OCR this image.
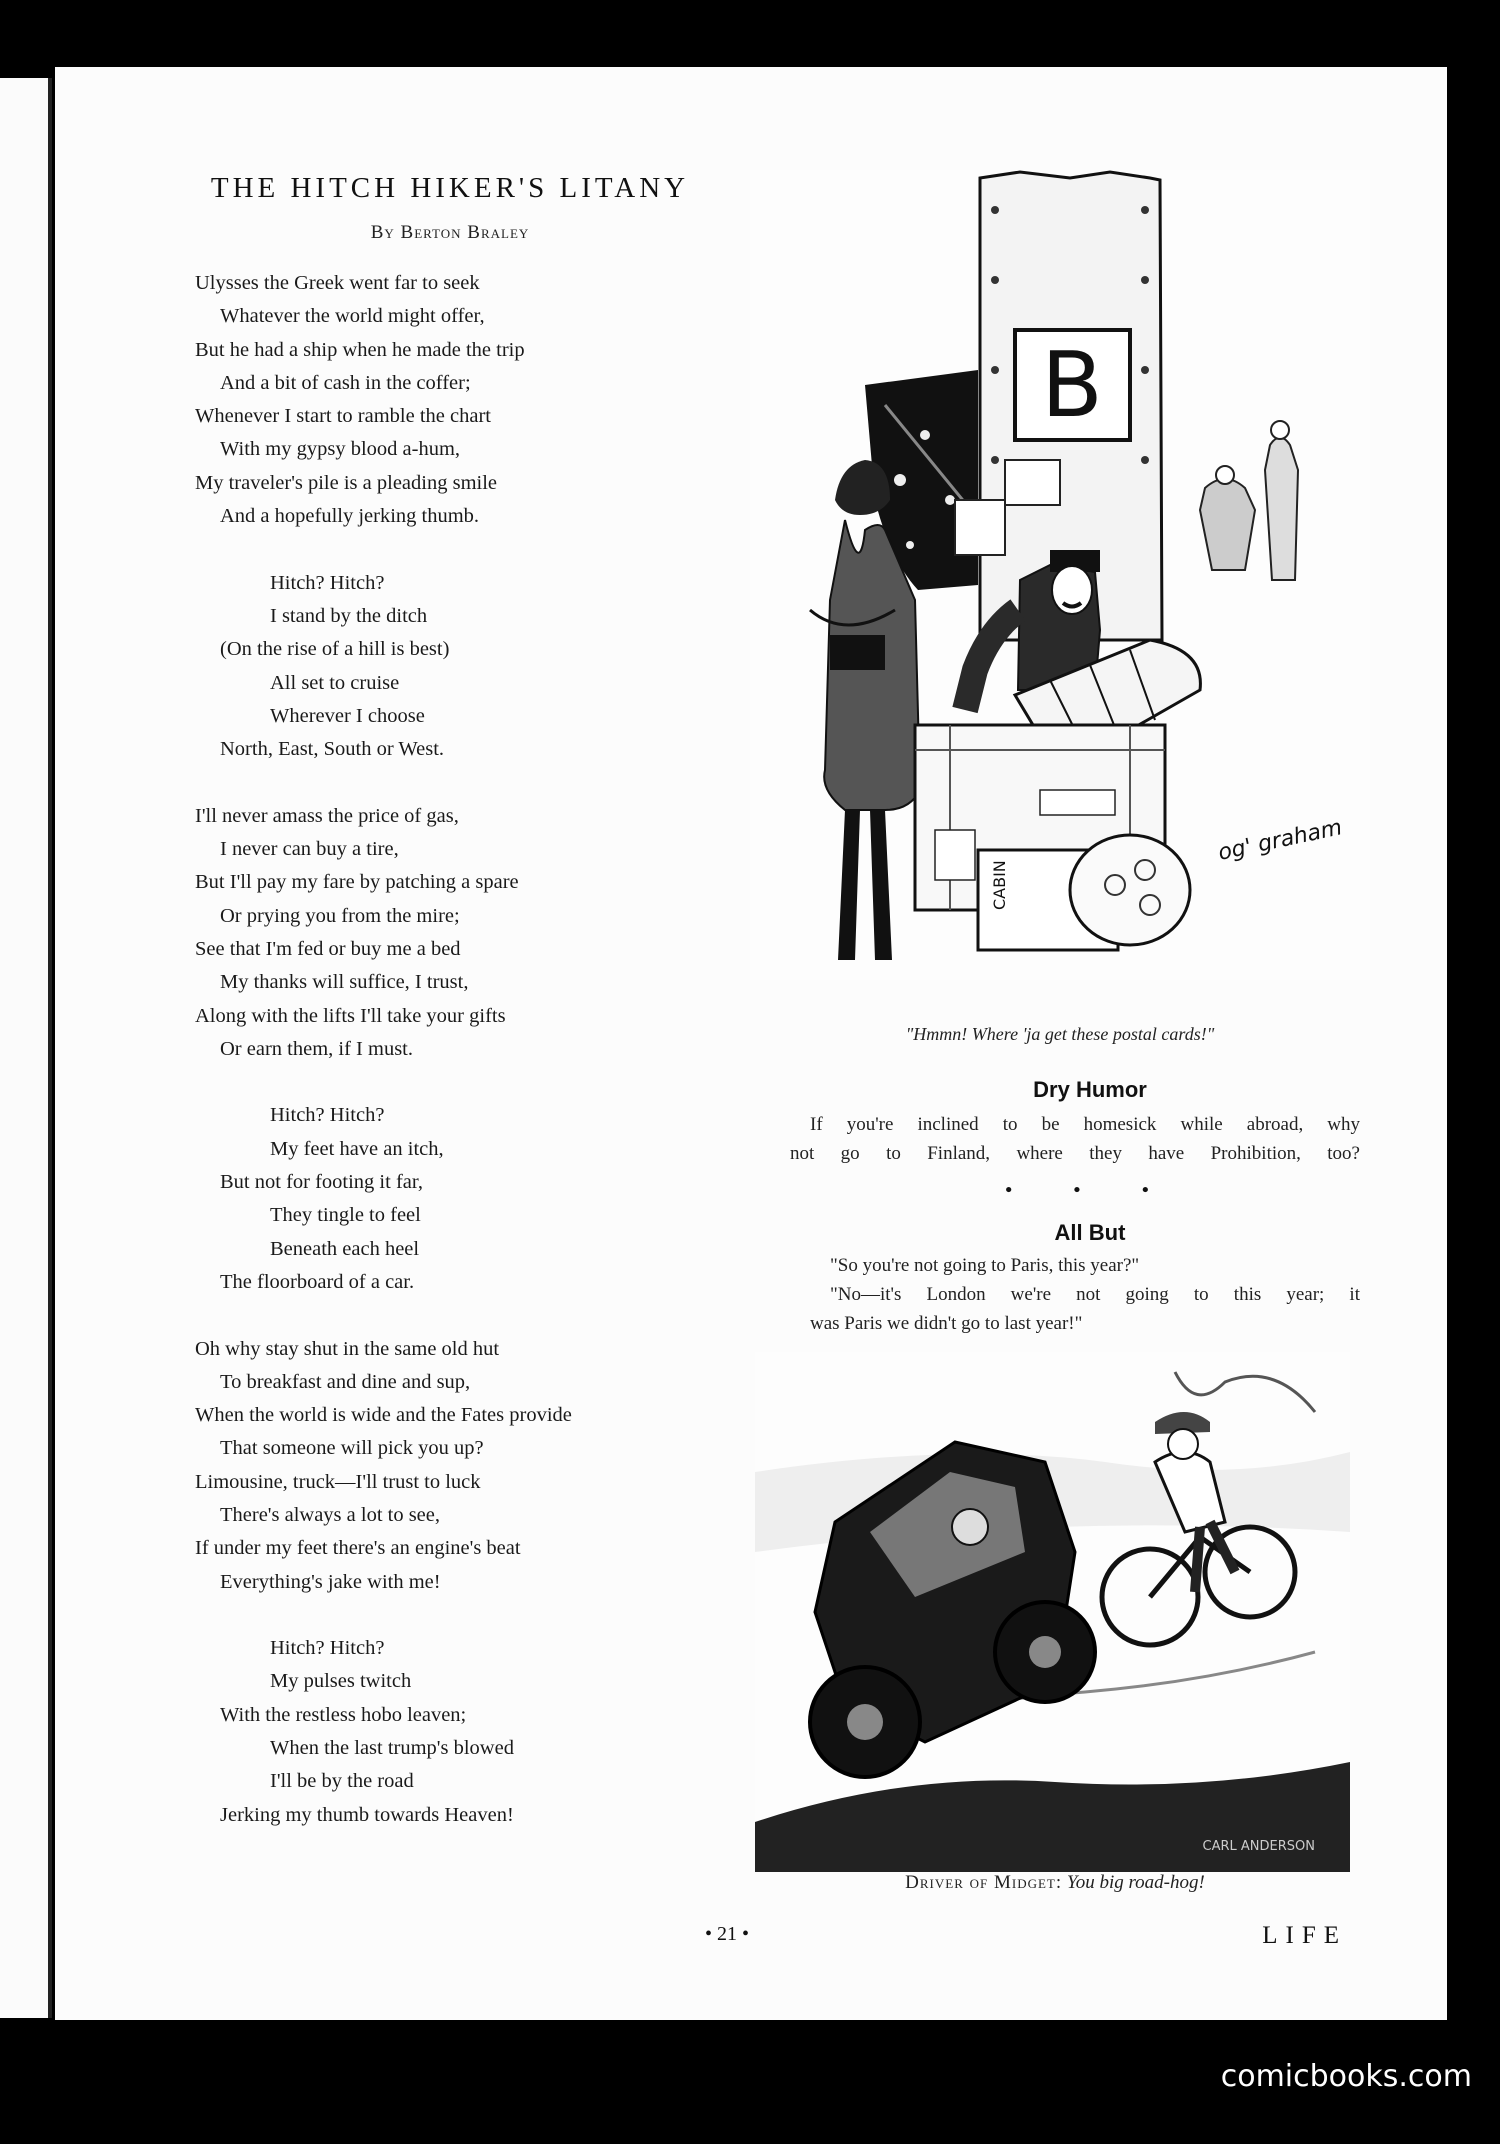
THE HITCH HIKER'S LITANY

By Berton Braley

Ulysses the Greek went far to seek
Whatever the world might offer,
But he had a ship when he made the trip
And a bit of cash in the coffer;
Whenever I start to ramble the chart
With my gypsy blood a-hum,
My traveler's pile is a pleading smile
And a hopefully jerking thumb.
Hitch? Hitch?
I stand by the ditch
(On the rise of a hill is best)
All set to cruise
Wherever I choose
North, East, South or West.
I'll never amass the price of gas,
I never can buy a tire,
But I'll pay my fare by patching a spare
Or prying you from the mire;
See that I'm fed or buy me a bed
My thanks will suffice, I trust,
Along with the lifts I'll take your gifts
Or earn them, if I must.
Hitch? Hitch?
My feet have an itch,
But not for footing it far,
They tingle to feel
Beneath each heel
The floorboard of a car.
Oh why stay shut in the same old hut
To breakfast and dine and sup,
When the world is wide and the Fates provide
That someone will pick you up?
Limousine, truck—I'll trust to luck
There's always a lot to see,
If under my feet there's an engine's beat
Everything's jake with me!
Hitch? Hitch?
My pulses twitch
With the restless hobo leaven;
When the last trump's blowed
I'll be by the road
Jerking my thumb towards Heaven!
B
CABIN
og' graham

"Hmmn! Where 'ja get these postal cards!"

Dry Humor

If you're inclined to be homesick while abroad, why

not go to Finland, where they have Prohibition, too?

• • •

All But

"So you're not going to Paris, this year?"

"No—it's London we're not going to this year; it

was Paris we didn't go to last year!"

CARL ANDERSON

Driver of Midget: You big road-hog!

• 21 •	LIFE

comicbooks.com
